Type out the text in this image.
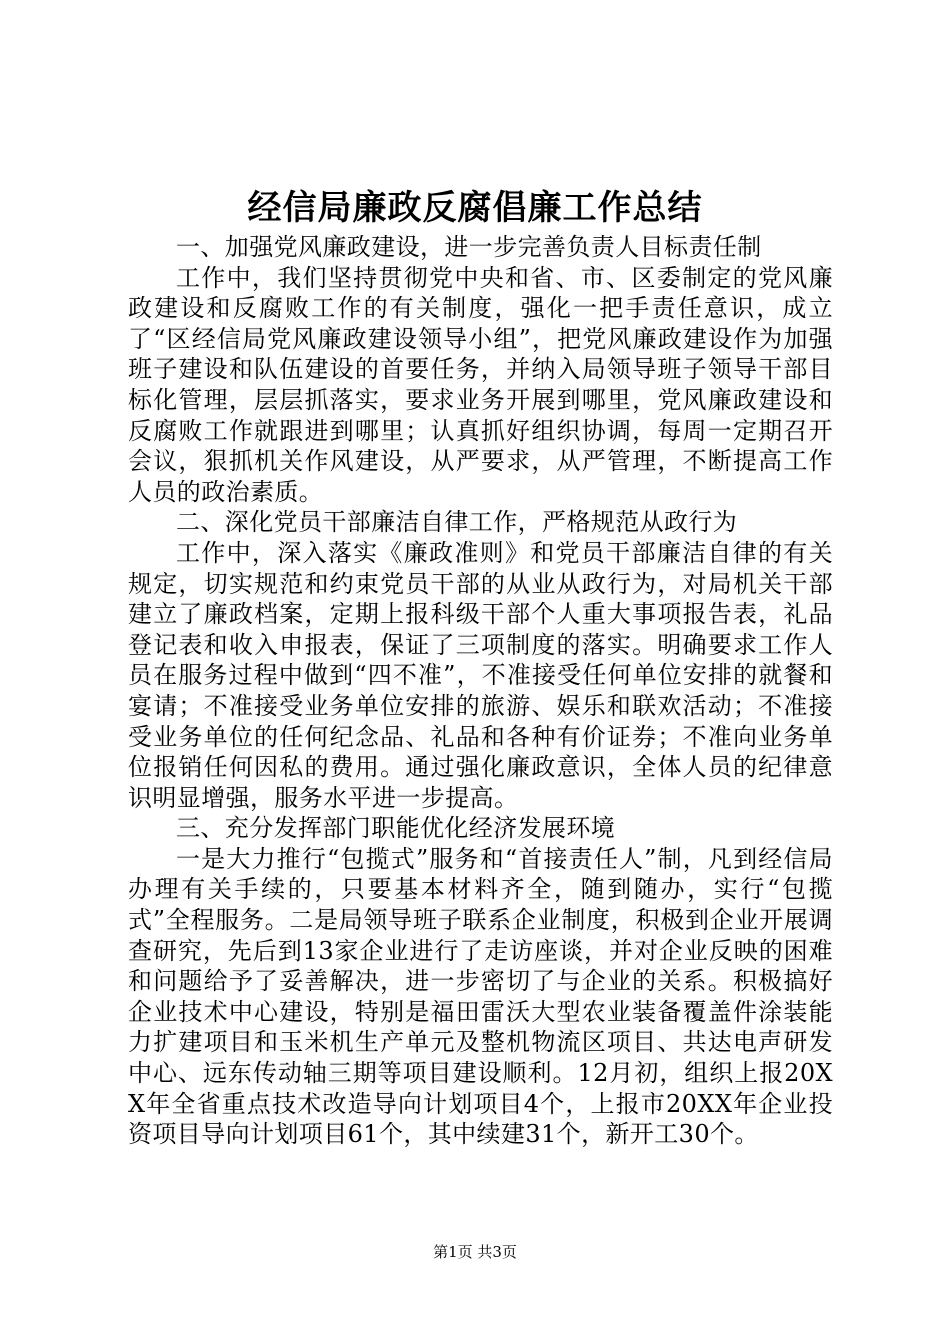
经信局廉政反腐倡廉工作总结

一、加强党风廉政建设，进一步完善负责人目标责任制

工作中，我们坚持贯彻党中央和省、市、区委制定的党风廉政建设和反腐败工作的有关制度，强化一把手责任意识，成立了“区经信局党风廉政建设领导小组”，把党风廉政建设作为加强班子建设和队伍建设的首要任务，并纳入局领导班子领导干部目标化管理，层层抓落实，要求业务开展到哪里，党风廉政建设和反腐败工作就跟进到哪里；认真抓好组织协调，每周一定期召开会议，狠抓机关作风建设，从严要求，从严管理，不断提高工作人员的政治素质。

二、深化党员干部廉洁自律工作，严格规范从政行为

工作中，深入落实《廉政准则》和党员干部廉洁自律的有关规定，切实规范和约束党员干部的从业从政行为，对局机关干部建立了廉政档案，定期上报科级干部个人重大事项报告表，礼品登记表和收入申报表，保证了三项制度的落实。明确要求工作人员在服务过程中做到“四不准”，不准接受任何单位安排的就餐和宴请；不准接受业务单位安排的旅游、娱乐和联欢活动；不准接受业务单位的任何纪念品、礼品和各种有价证券；不准向业务单位报销任何因私的费用。通过强化廉政意识，全体人员的纪律意识明显增强，服务水平进一步提高。

三、充分发挥部门职能优化经济发展环境

一是大力推行“包揽式”服务和“首接责任人”制，凡到经信局办理有关手续的，只要基本材料齐全，随到随办，实行“包揽式”全程服务。二是局领导班子联系企业制度，积极到企业开展调查研究，先后到13家企业进行了走访座谈，并对企业反映的困难和问题给予了妥善解决，进一步密切了与企业的关系。积极搞好企业技术中心建设，特别是福田雷沃大型农业装备覆盖件涂装能力扩建项目和玉米机生产单元及整机物流区项目、共达电声研发中心、远东传动轴三期等项目建设顺利。12月初，组织上报20XX年全省重点技术改造导向计划项目4个，上报市20XX年企业投资项目导向计划项目61个，其中续建31个，新开工30个。

第1页 共3页
